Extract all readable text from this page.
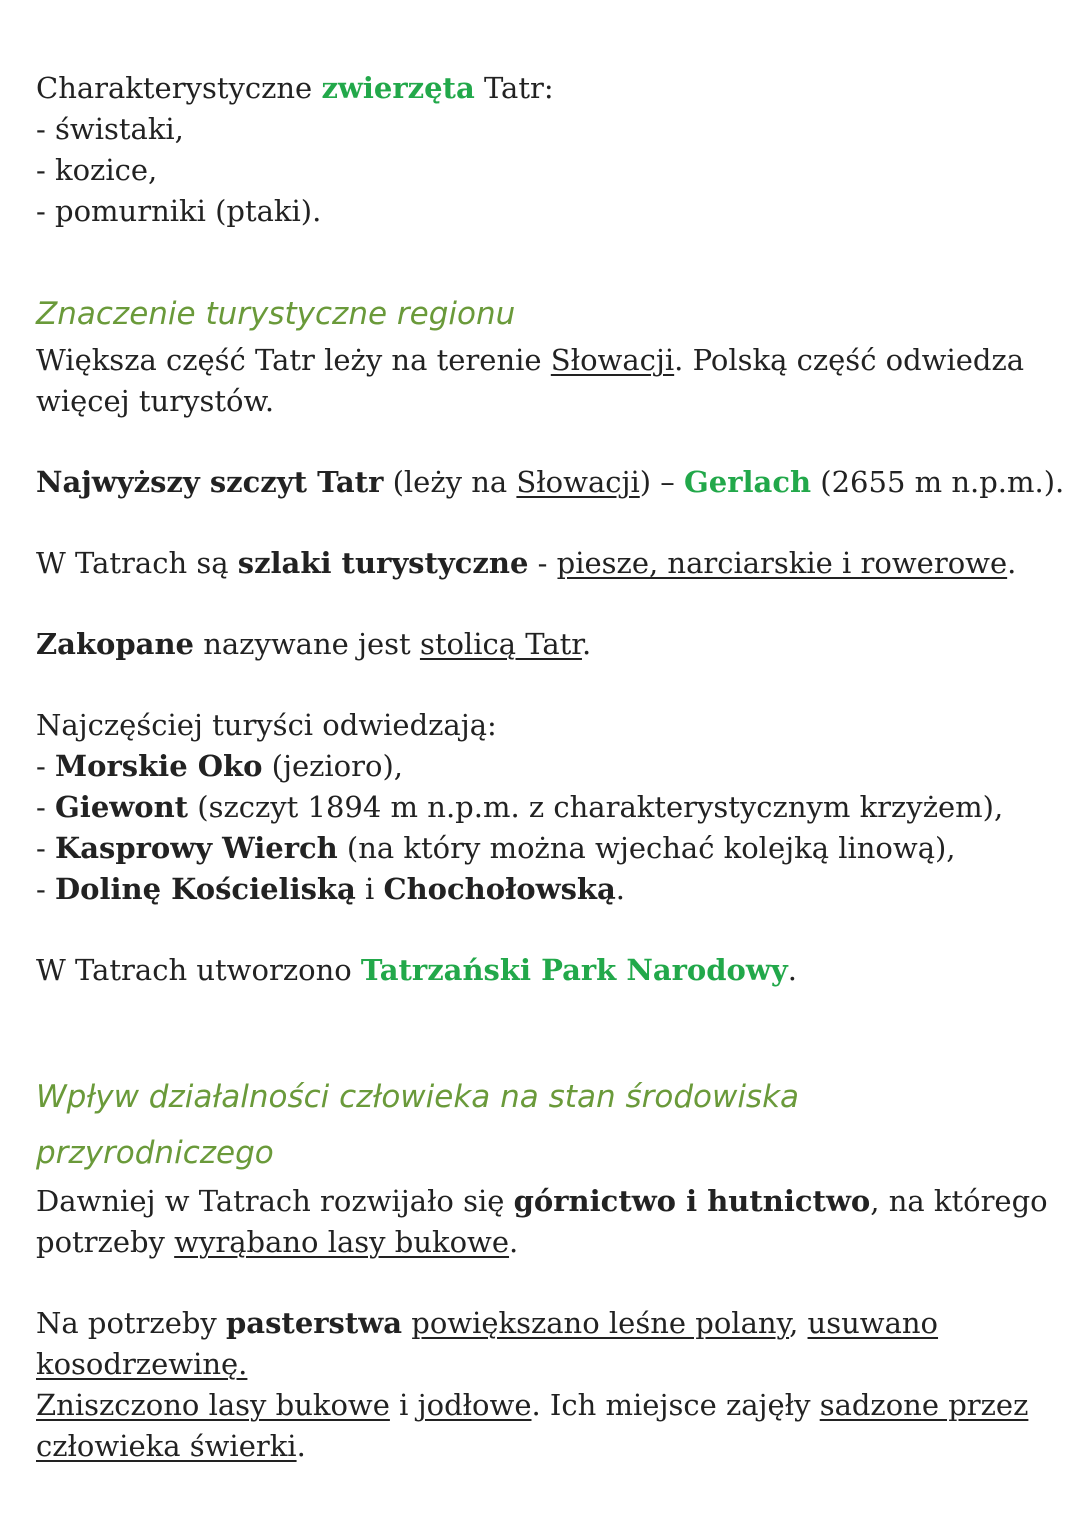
Charakterystyczne zwierzęta Tatr:
- świstaki,
- kozice,
- pomurniki (ptaki).
Znaczenie turystyczne regionu
Większa część Tatr leży na terenie Słowacji. Polską część odwiedza
więcej turystów.
Najwyższy szczyt Tatr (leży na Słowacji) – Gerlach (2655 m n.p.m.).
W Tatrach są szlaki turystyczne - piesze, narciarskie i rowerowe.
Zakopane nazywane jest stolicą Tatr.
Najczęściej turyści odwiedzają:
- Morskie Oko (jezioro),
- Giewont (szczyt 1894 m n.p.m. z charakterystycznym krzyżem),
- Kasprowy Wierch (na który można wjechać kolejką linową),
- Dolinę Kościeliską i Chochołowską.
W Tatrach utworzono Tatrzański Park Narodowy.
Wpływ działalności człowieka na stan środowiska
przyrodniczego
Dawniej w Tatrach rozwijało się górnictwo i hutnictwo, na którego
potrzeby wyrąbano lasy bukowe.
Na potrzeby pasterstwa powiększano leśne polany, usuwano
kosodrzewinę.
Zniszczono lasy bukowe i jodłowe. Ich miejsce zajęły sadzone przez
człowieka świerki.
